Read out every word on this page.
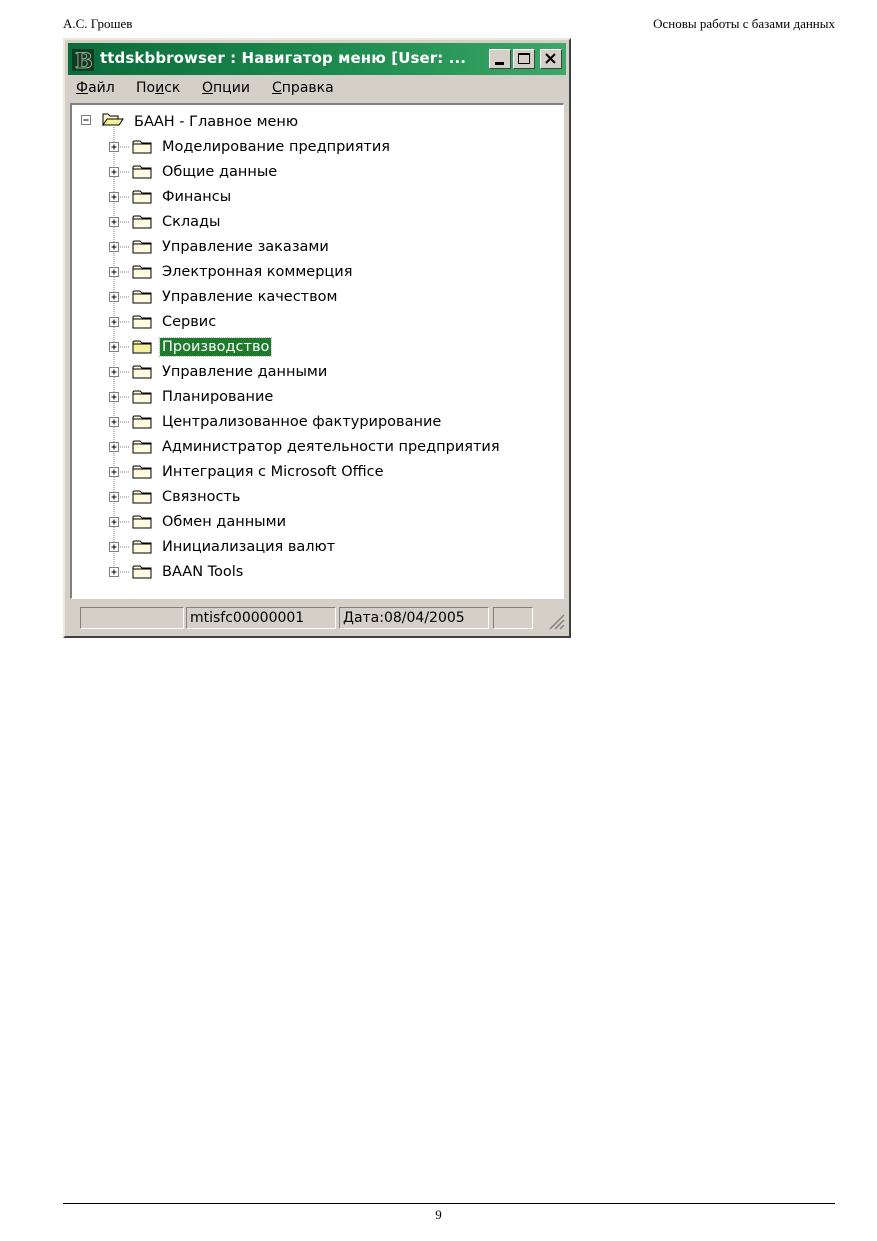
А.С. Грошев	Основы работы с базами данных
B ttdskbbrowser : Навигатор меню [User: ...
Файл Поиск Опции Справка
БААН - Главное меню
Моделирование предприятия
Общие данные
Финансы
Склады
Управление заказами
Электронная коммерция
Управление качеством
Сервис
Производство
Управление данными
Планирование
Централизованное фактурирование
Администратор деятельности предприятия
Интеграция с Microsoft Office
Связность
Обмен данными
Инициализация валют
BAAN Tools
mtisfc00000001	Дата:08/04/2005
9
